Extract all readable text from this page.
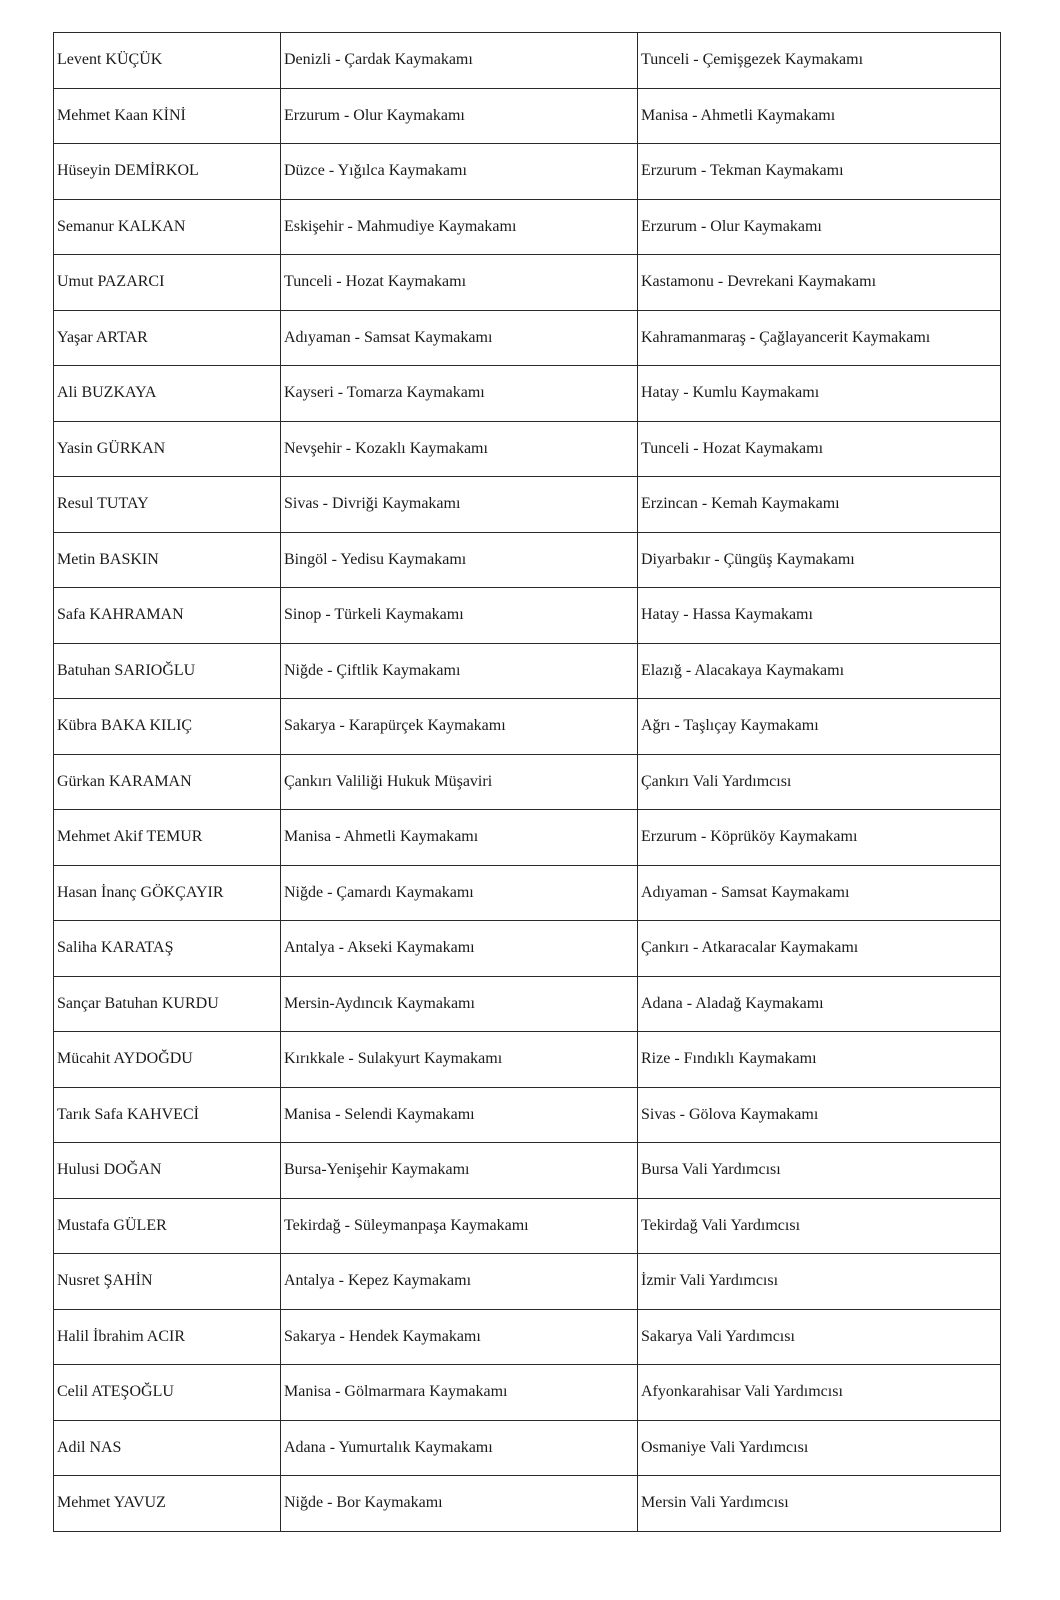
Levent KÜÇÜK	Denizli - Çardak Kaymakamı	Tunceli - Çemişgezek Kaymakamı
Mehmet Kaan KİNİ	Erzurum - Olur Kaymakamı	Manisa - Ahmetli Kaymakamı
Hüseyin DEMİRKOL	Düzce - Yığılca Kaymakamı	Erzurum - Tekman Kaymakamı
Semanur KALKAN	Eskişehir - Mahmudiye Kaymakamı	Erzurum - Olur Kaymakamı
Umut PAZARCI	Tunceli - Hozat Kaymakamı	Kastamonu - Devrekani Kaymakamı
Yaşar ARTAR	Adıyaman - Samsat Kaymakamı	Kahramanmaraş - Çağlayancerit Kaymakamı
Ali BUZKAYA	Kayseri - Tomarza Kaymakamı	Hatay - Kumlu Kaymakamı
Yasin GÜRKAN	Nevşehir - Kozaklı Kaymakamı	Tunceli - Hozat Kaymakamı
Resul TUTAY	Sivas - Divriği Kaymakamı	Erzincan - Kemah Kaymakamı
Metin BASKIN	Bingöl - Yedisu Kaymakamı	Diyarbakır - Çüngüş Kaymakamı
Safa KAHRAMAN	Sinop - Türkeli Kaymakamı	Hatay - Hassa Kaymakamı
Batuhan SARIOĞLU	Niğde - Çiftlik Kaymakamı	Elazığ - Alacakaya Kaymakamı
Kübra BAKA KILIÇ	Sakarya - Karapürçek Kaymakamı	Ağrı - Taşlıçay Kaymakamı
Gürkan KARAMAN	Çankırı Valiliği Hukuk Müşaviri	Çankırı Vali Yardımcısı
Mehmet Akif TEMUR	Manisa - Ahmetli Kaymakamı	Erzurum - Köprüköy Kaymakamı
Hasan İnanç GÖKÇAYIR	Niğde - Çamardı Kaymakamı	Adıyaman - Samsat Kaymakamı
Saliha KARATAŞ	Antalya - Akseki Kaymakamı	Çankırı - Atkaracalar Kaymakamı
Sançar Batuhan KURDU	Mersin-Aydıncık Kaymakamı	Adana - Aladağ Kaymakamı
Mücahit AYDOĞDU	Kırıkkale - Sulakyurt Kaymakamı	Rize - Fındıklı Kaymakamı
Tarık Safa KAHVECİ	Manisa - Selendi Kaymakamı	Sivas - Gölova Kaymakamı
Hulusi DOĞAN	Bursa-Yenişehir Kaymakamı	Bursa Vali Yardımcısı
Mustafa GÜLER	Tekirdağ - Süleymanpaşa Kaymakamı	Tekirdağ Vali Yardımcısı
Nusret ŞAHİN	Antalya - Kepez Kaymakamı	İzmir Vali Yardımcısı
Halil İbrahim ACIR	Sakarya - Hendek Kaymakamı	Sakarya Vali Yardımcısı
Celil ATEŞOĞLU	Manisa - Gölmarmara Kaymakamı	Afyonkarahisar Vali Yardımcısı
Adil NAS	Adana - Yumurtalık Kaymakamı	Osmaniye Vali Yardımcısı
Mehmet YAVUZ	Niğde - Bor Kaymakamı	Mersin Vali Yardımcısı
